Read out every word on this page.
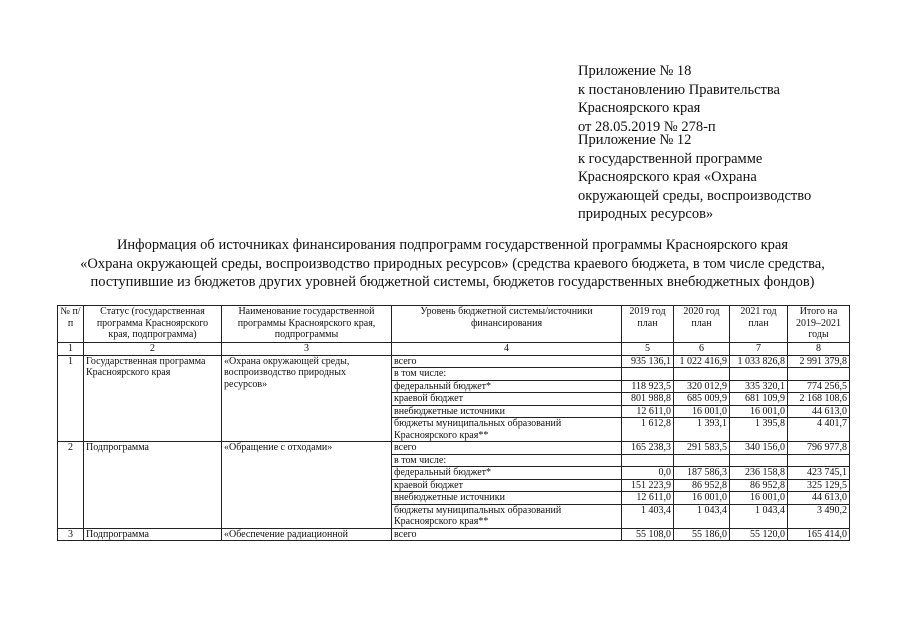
Приложение № 18
к постановлению Правительства
Красноярского края
от 28.05.2019 № 278-п
Приложение № 12
к государственной программе
Красноярского края «Охрана
окружающей среды, воспроизводство
природных ресурсов»
Информация об источниках финансирования подпрограмм государственной программы Красноярского края
«Охрана окружающей среды, воспроизводство природных ресурсов» (средства краевого бюджета, в том числе средства,
поступившие из бюджетов других уровней бюджетной системы, бюджетов государственных внебюджетных фондов)
№ п/п	Статус (государственная программа Красноярского края, подпрограмма)	Наименование государственной программы Красноярского края, подпрограммы	Уровень бюджетной системы/источники финансирования	2019 год план	2020 год план	2021 год план	Итого на 2019–2021 годы
1	2	3	4	5	6	7	8
1	Государственная программа Красноярского края	«Охрана окружающей среды, воспроизводство природных ресурсов»	всего	935 136,1	1 022 416,9	1 033 826,8	2 991 379,8
			в том числе:				
			федеральный бюджет*	118 923,5	320 012,9	335 320,1	774 256,5
			краевой бюджет	801 988,8	685 009,9	681 109,9	2 168 108,6
			внебюджетные источники	12 611,0	16 001,0	16 001,0	44 613,0
			бюджеты муниципальных образований Красноярского края**	1 612,8	1 393,1	1 395,8	4 401,7
2	Подпрограмма	«Обращение с отходами»	всего	165 238,3	291 583,5	340 156,0	796 977,8
			в том числе:				
			федеральный бюджет*	0,0	187 586,3	236 158,8	423 745,1
			краевой бюджет	151 223,9	86 952,8	86 952,8	325 129,5
			внебюджетные источники	12 611,0	16 001,0	16 001,0	44 613,0
			бюджеты муниципальных образований Красноярского края**	1 403,4	1 043,4	1 043,4	3 490,2
3	Подпрограмма	«Обеспечение радиационной	всего	55 108,0	55 186,0	55 120,0	165 414,0
